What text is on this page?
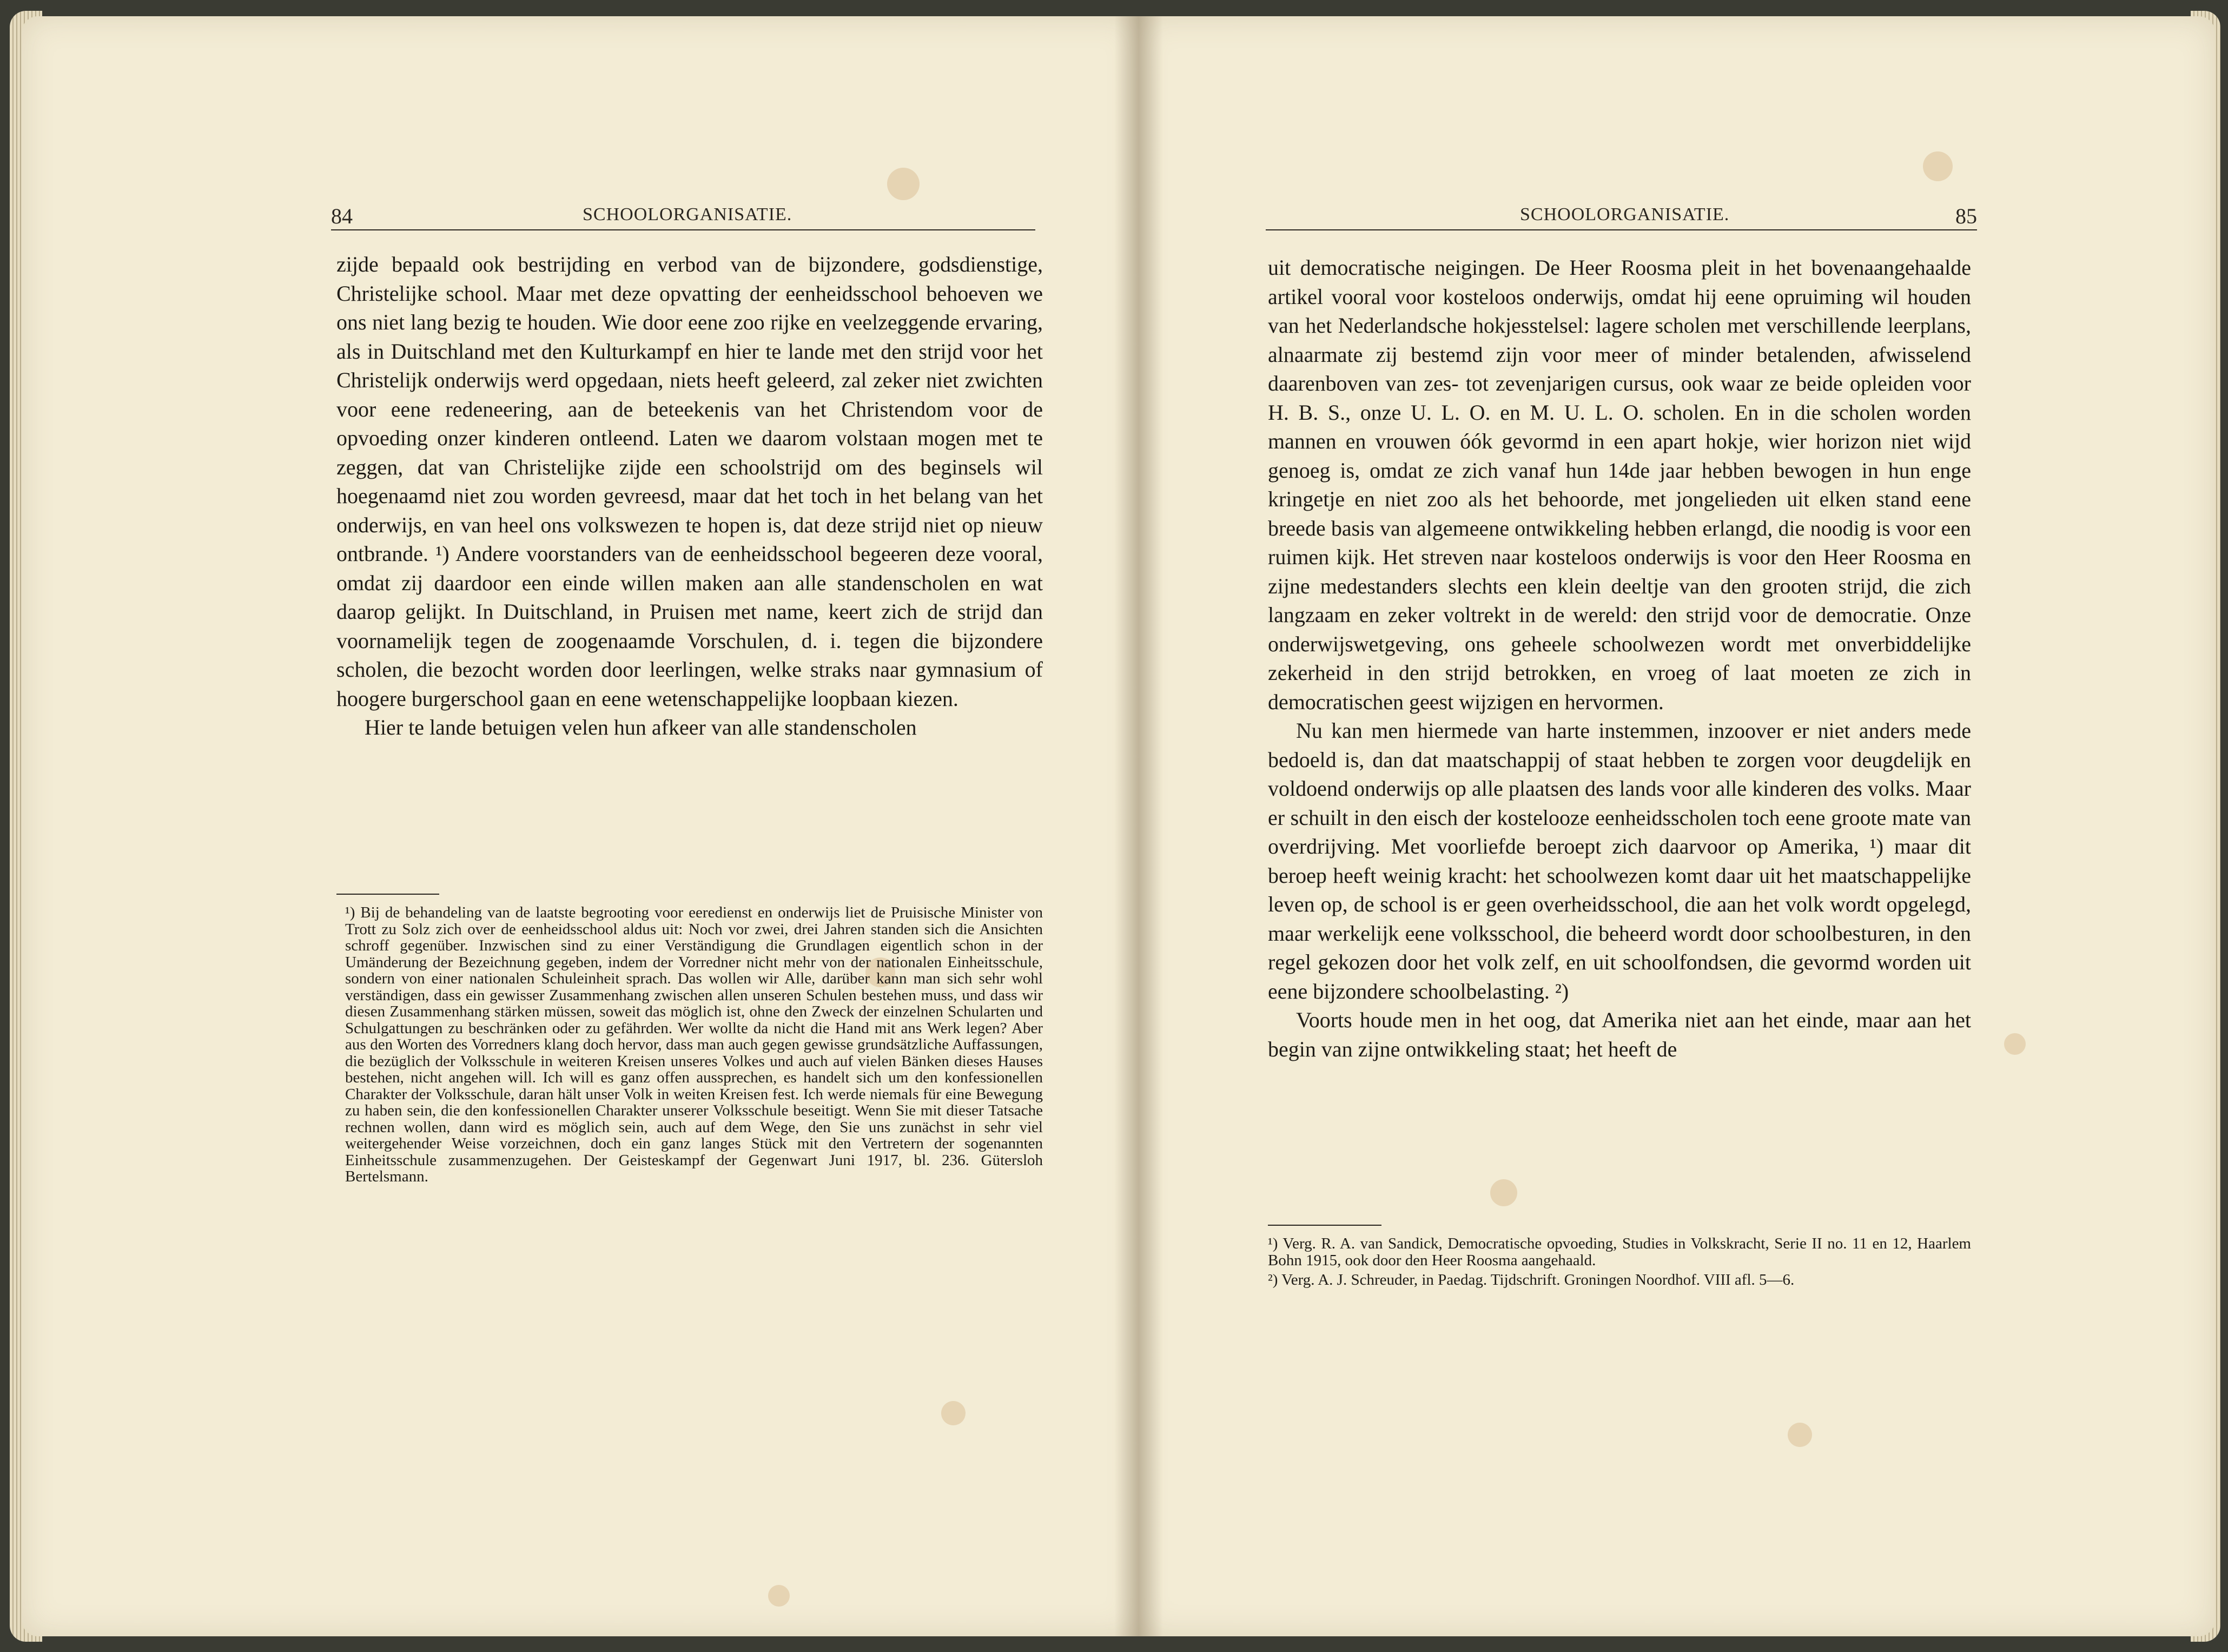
84	SCHOOLORGANISATIE.

zijde bepaald ook bestrijding en verbod van de bijzondere, godsdienstige, Christelijke school. Maar met deze opvatting der eenheidsschool behoeven we ons niet lang bezig te houden. Wie door eene zoo rijke en veelzeggende ervaring, als in Duitschland met den Kulturkampf en hier te lande met den strijd voor het Christelijk onderwijs werd opgedaan, niets heeft geleerd, zal zeker niet zwichten voor eene redeneering, aan de beteekenis van het Christendom voor de opvoeding onzer kinderen ontleend. Laten we daarom volstaan mogen met te zeggen, dat van Christelijke zijde een schoolstrijd om des beginsels wil hoegenaamd niet zou worden gevreesd, maar dat het toch in het belang van het onderwijs, en van heel ons volkswezen te hopen is, dat deze strijd niet op nieuw ontbrande. ¹) Andere voorstanders van de eenheidsschool begeeren deze vooral, omdat zij daardoor een einde willen maken aan alle standenscholen en wat daarop gelijkt. In Duitschland, in Pruisen met name, keert zich de strijd dan voornamelijk tegen de zoogenaamde Vorschulen, d. i. tegen die bijzondere scholen, die bezocht worden door leerlingen, welke straks naar gymnasium of hoogere burgerschool gaan en eene wetenschappelijke loopbaan kiezen.

Hier te lande betuigen velen hun afkeer van alle standenscholen

¹) Bij de behandeling van de laatste begrooting voor eeredienst en onderwijs liet de Pruisische Minister von Trott zu Solz zich over de eenheidsschool aldus uit: Noch vor zwei, drei Jahren standen sich die Ansichten schroff gegenüber. Inzwischen sind zu einer Verständigung die Grundlagen eigentlich schon in der Umänderung der Bezeichnung gegeben, indem der Vorredner nicht mehr von der nationalen Einheitsschule, sondern von einer nationalen Schuleinheit sprach. Das wollen wir Alle, darüber kann man sich sehr wohl verständigen, dass ein gewisser Zusammenhang zwischen allen unseren Schulen bestehen muss, und dass wir diesen Zusammenhang stärken müssen, soweit das möglich ist, ohne den Zweck der einzelnen Schularten und Schulgattungen zu beschränken oder zu gefährden. Wer wollte da nicht die Hand mit ans Werk legen? Aber aus den Worten des Vorredners klang doch hervor, dass man auch gegen gewisse grundsätzliche Auffassungen, die bezüglich der Volksschule in weiteren Kreisen unseres Volkes und auch auf vielen Bänken dieses Hauses bestehen, nicht angehen will. Ich will es ganz offen aussprechen, es handelt sich um den konfessionellen Charakter der Volksschule, daran hält unser Volk in weiten Kreisen fest. Ich werde niemals für eine Bewegung zu haben sein, die den konfessionellen Charakter unserer Volksschule beseitigt. Wenn Sie mit dieser Tatsache rechnen wollen, dann wird es möglich sein, auch auf dem Wege, den Sie uns zunächst in sehr viel weitergehender Weise vorzeichnen, doch ein ganz langes Stück mit den Vertretern der sogenannten Einheitsschule zusammenzugehen. Der Geisteskampf der Gegenwart Juni 1917, bl. 236. Gütersloh Bertelsmann.

SCHOOLORGANISATIE.	85

uit democratische neigingen. De Heer Roosma pleit in het bovenaangehaalde artikel vooral voor kosteloos onderwijs, omdat hij eene opruiming wil houden van het Nederlandsche hokjesstelsel: lagere scholen met verschillende leerplans, alnaarmate zij bestemd zijn voor meer of minder betalenden, afwisselend daarenboven van zes- tot zevenjarigen cursus, ook waar ze beide opleiden voor H. B. S., onze U. L. O. en M. U. L. O. scholen. En in die scholen worden mannen en vrouwen óók gevormd in een apart hokje, wier horizon niet wijd genoeg is, omdat ze zich vanaf hun 14de jaar hebben bewogen in hun enge kringetje en niet zoo als het behoorde, met jongelieden uit elken stand eene breede basis van algemeene ontwikkeling hebben erlangd, die noodig is voor een ruimen kijk. Het streven naar kosteloos onderwijs is voor den Heer Roosma en zijne medestanders slechts een klein deeltje van den grooten strijd, die zich langzaam en zeker voltrekt in de wereld: den strijd voor de democratie. Onze onderwijswetgeving, ons geheele schoolwezen wordt met onverbiddelijke zekerheid in den strijd betrokken, en vroeg of laat moeten ze zich in democratischen geest wijzigen en hervormen.

Nu kan men hiermede van harte instemmen, inzoover er niet anders mede bedoeld is, dan dat maatschappij of staat hebben te zorgen voor deugdelijk en voldoend onderwijs op alle plaatsen des lands voor alle kinderen des volks. Maar er schuilt in den eisch der kostelooze eenheidsscholen toch eene groote mate van overdrijving. Met voorliefde beroept zich daarvoor op Amerika, ¹) maar dit beroep heeft weinig kracht: het schoolwezen komt daar uit het maatschappelijke leven op, de school is er geen overheidsschool, die aan het volk wordt opgelegd, maar werkelijk eene volksschool, die beheerd wordt door schoolbesturen, in den regel gekozen door het volk zelf, en uit schoolfondsen, die gevormd worden uit eene bijzondere schoolbelasting. ²)

Voorts houde men in het oog, dat Amerika niet aan het einde, maar aan het begin van zijne ontwikkeling staat; het heeft de

¹) Verg. R. A. van Sandick, Democratische opvoeding, Studies in Volkskracht, Serie II no. 11 en 12, Haarlem Bohn 1915, ook door den Heer Roosma aangehaald.

²) Verg. A. J. Schreuder, in Paedag. Tijdschrift. Groningen Noordhof. VIII afl. 5—6.
